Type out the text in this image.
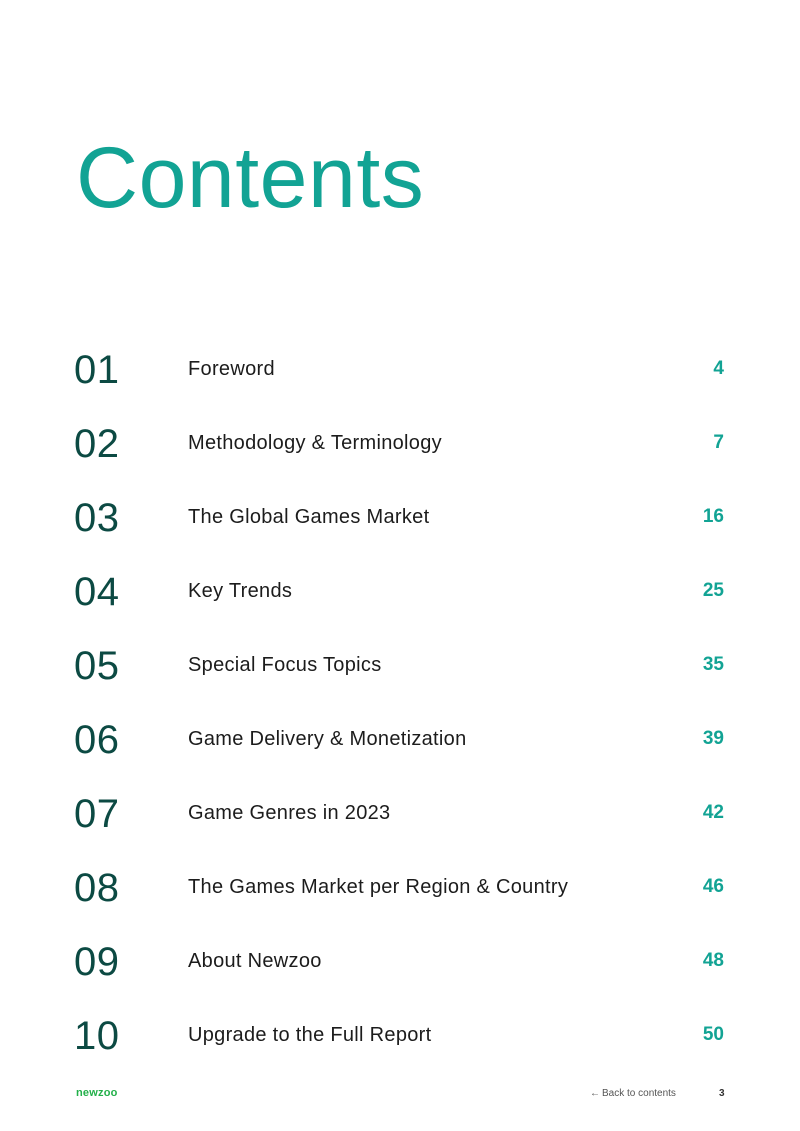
Contents
01	Foreword	4
02	Methodology & Terminology	7
03	The Global Games Market	16
04	Key Trends	25
05	Special Focus Topics	35
06	Game Delivery & Monetization	39
07	Game Genres in 2023	42
08	The Games Market per Region & Country	46
09	About Newzoo	48
10	Upgrade to the Full Report	50
newzoo	← Back to contents	3
